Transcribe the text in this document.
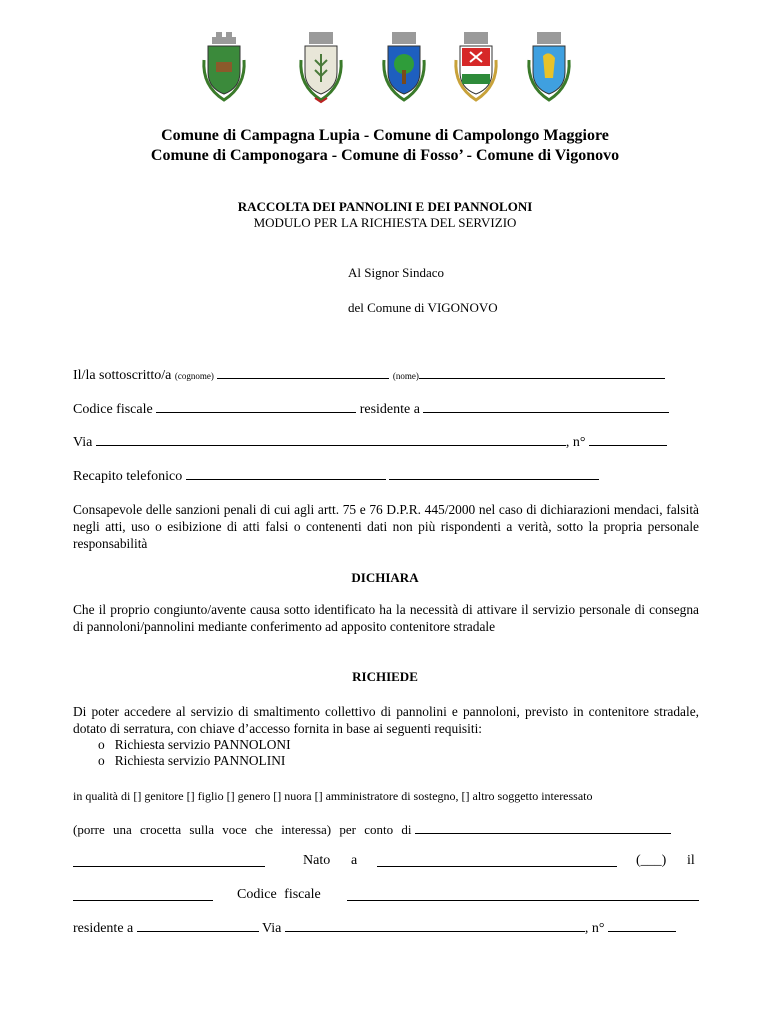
Comune di Campagna Lupia - Comune di Campolongo Maggiore
Comune di Camponogara - Comune di Fosso’ - Comune di Vigonovo
RACCOLTA DEI PANNOLINI E DEI PANNOLONI
MODULO PER LA RICHIESTA DEL SERVIZIO
Al Signor Sindaco
del Comune di VIGONOVO
Il/la sottoscritto/a (cognome)	(nome)
Codice fiscale	residente a
Via	, n°
Recapito telefonico
Consapevole delle sanzioni penali di cui agli artt. 75 e 76 D.P.R. 445/2000 nel caso di dichiarazioni mendaci, falsità negli atti, uso o esibizione di atti falsi o contenenti dati non più rispondenti a verità, sotto la propria personale responsabilità
DICHIARA
Che il proprio congiunto/avente causa sotto identificato ha la necessità di attivare il servizio personale di consegna di pannoloni/pannolini mediante conferimento ad apposito contenitore stradale
RICHIEDE
Di poter accedere al servizio di smaltimento collettivo di pannolini e pannoloni, previsto in contenitore stradale, dotato di serratura, con chiave d’accesso fornita in base ai seguenti requisiti:
o Richiesta servizio PANNOLONI
o Richiesta servizio PANNOLINI
in qualità di [] genitore [] figlio [] genero [] nuora [] amministratore di sostegno, [] altro soggetto interessato
(porre una crocetta sulla voce che interessa) per conto di
Nato a	(___) il
Codice fiscale
residente a	Via	, n°
